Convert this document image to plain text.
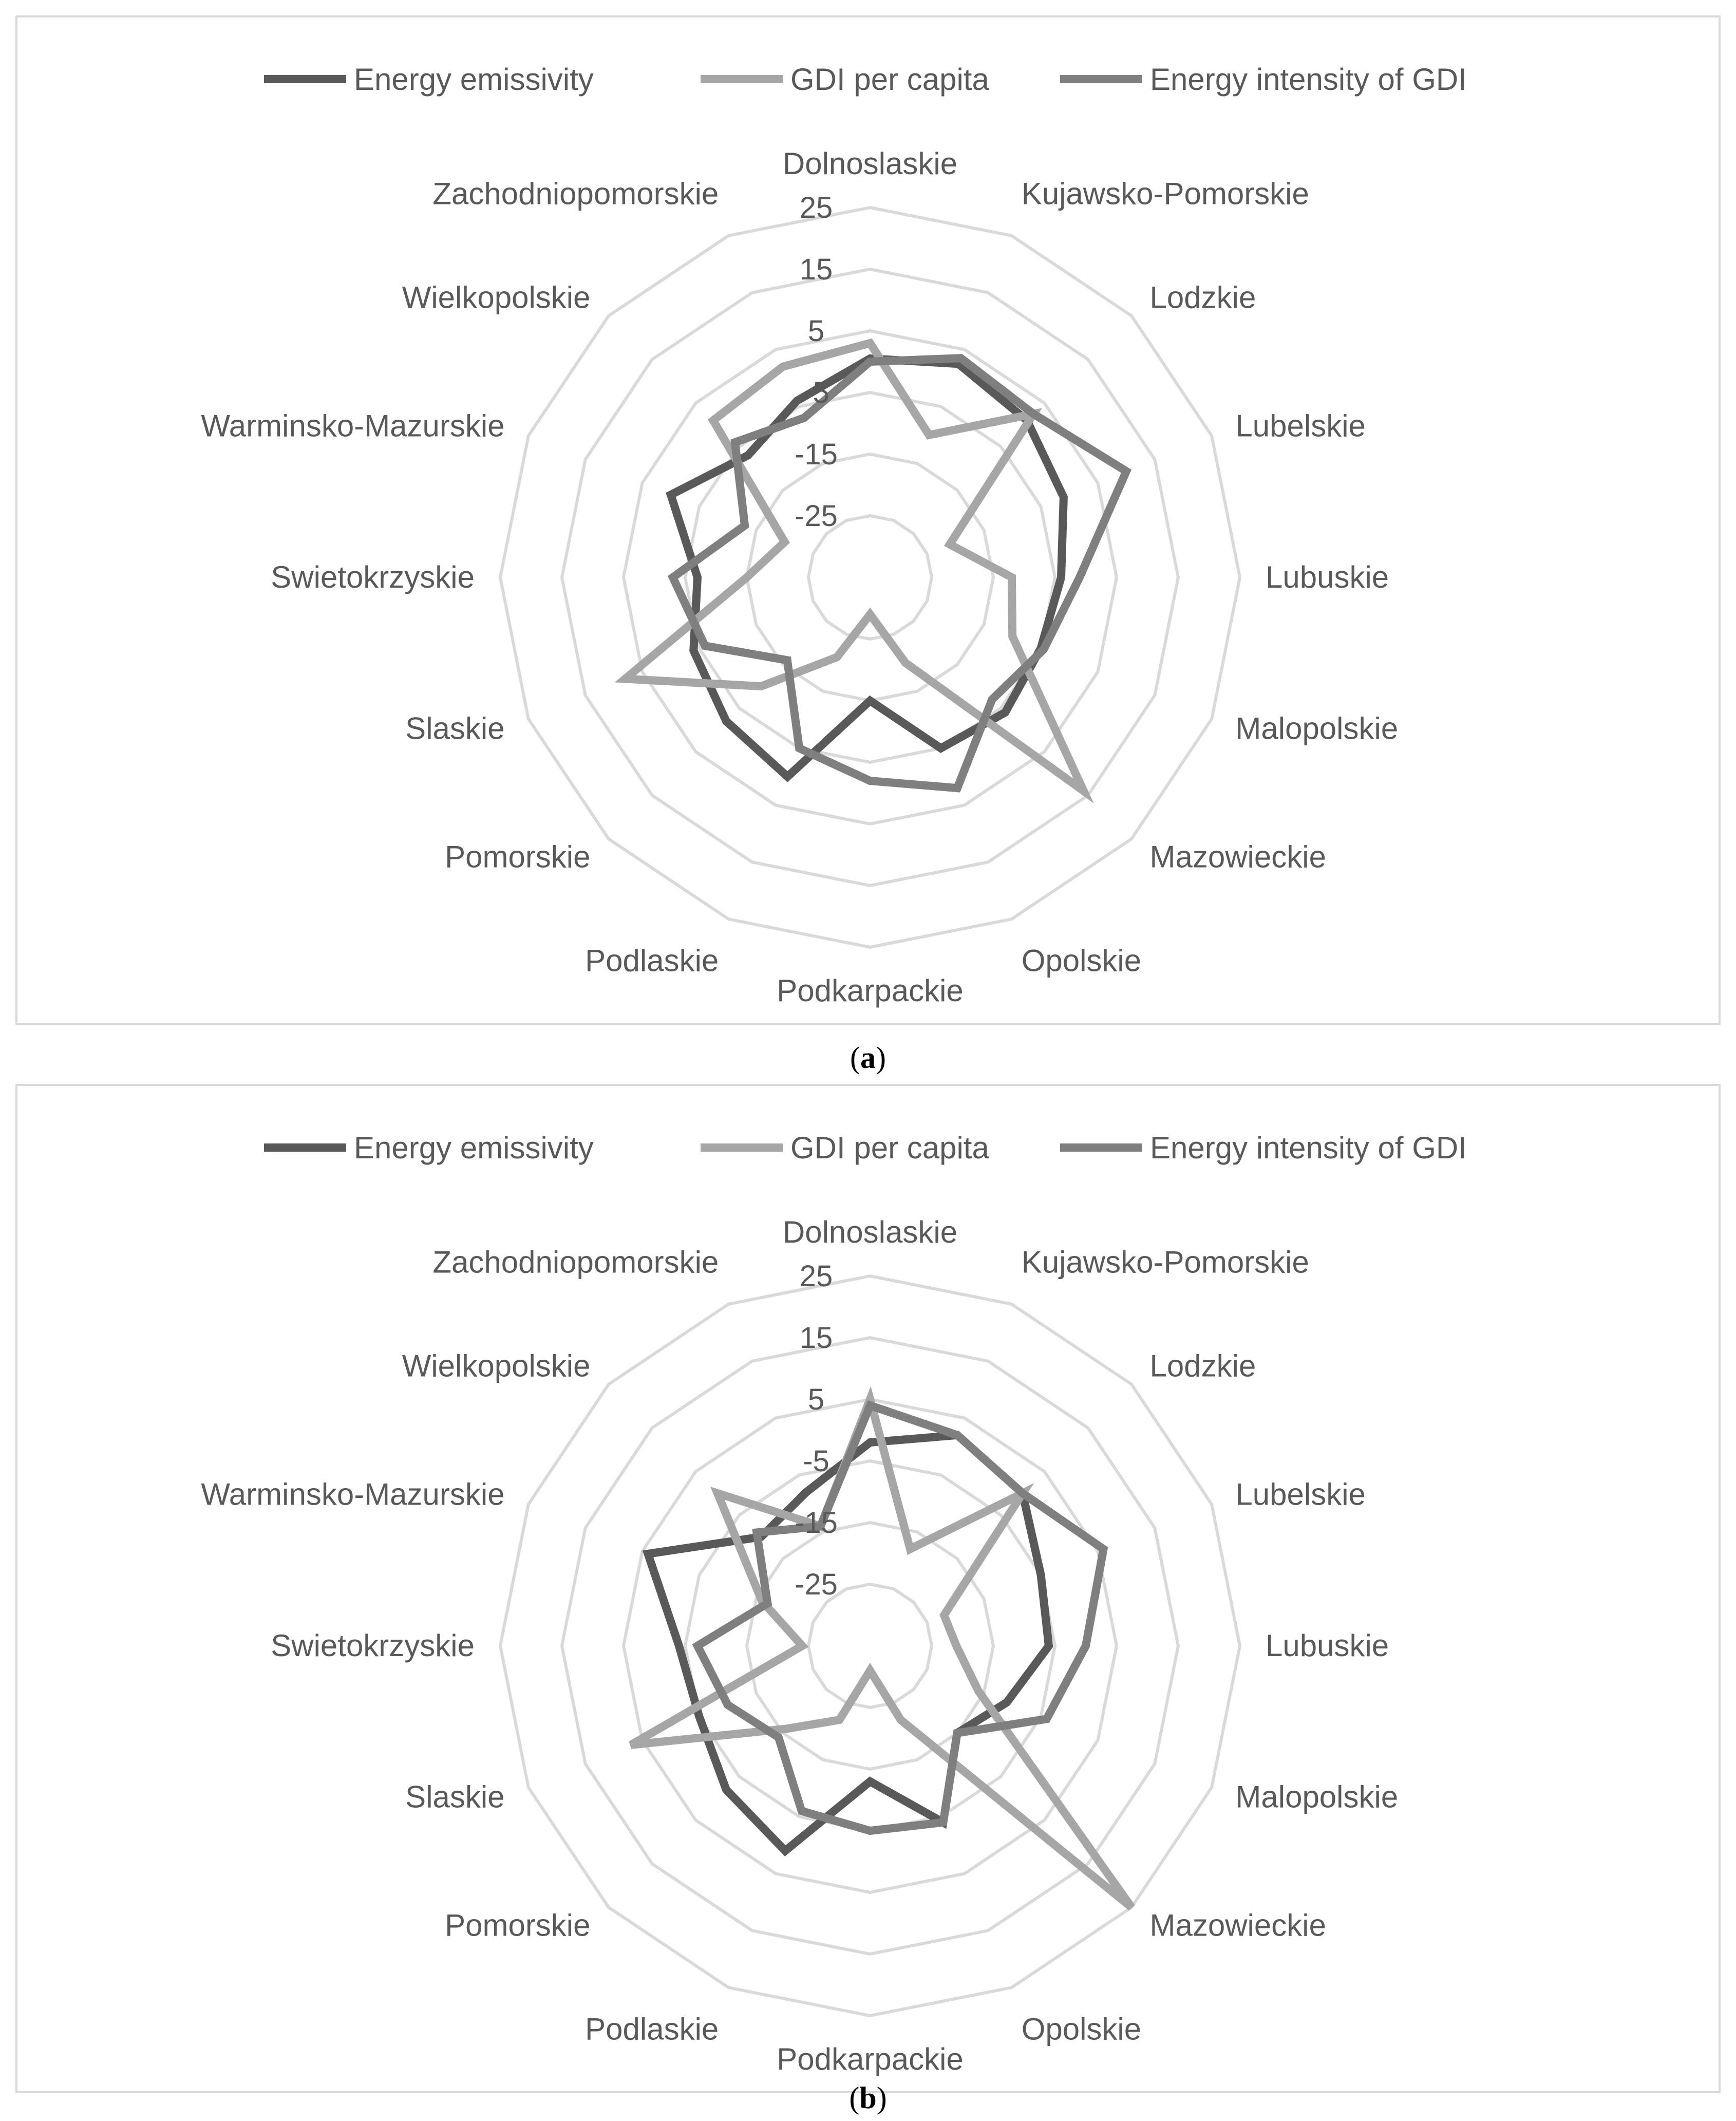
Energy emissivity	GDI per capita	Energy intensity of GDI
-25
-15
-5
5
15
25
Dolnoslaskie
Kujawsko-Pomorskie
Lodzkie
Lubelskie
Lubuskie
Malopolskie
Mazowieckie
Opolskie
Podkarpackie
Podlaskie
Pomorskie
Slaskie
Swietokrzyskie
Warminsko-Mazurskie
Wielkopolskie
Zachodniopomorskie
(a)
Energy emissivity	GDI per capita	Energy intensity of GDI
-25
-15
-5
5
15
25
Dolnoslaskie
Kujawsko-Pomorskie
Lodzkie
Lubelskie
Lubuskie
Malopolskie
Mazowieckie
Opolskie
Podkarpackie
Podlaskie
Pomorskie
Slaskie
Swietokrzyskie
Warminsko-Mazurskie
Wielkopolskie
Zachodniopomorskie
(b)
